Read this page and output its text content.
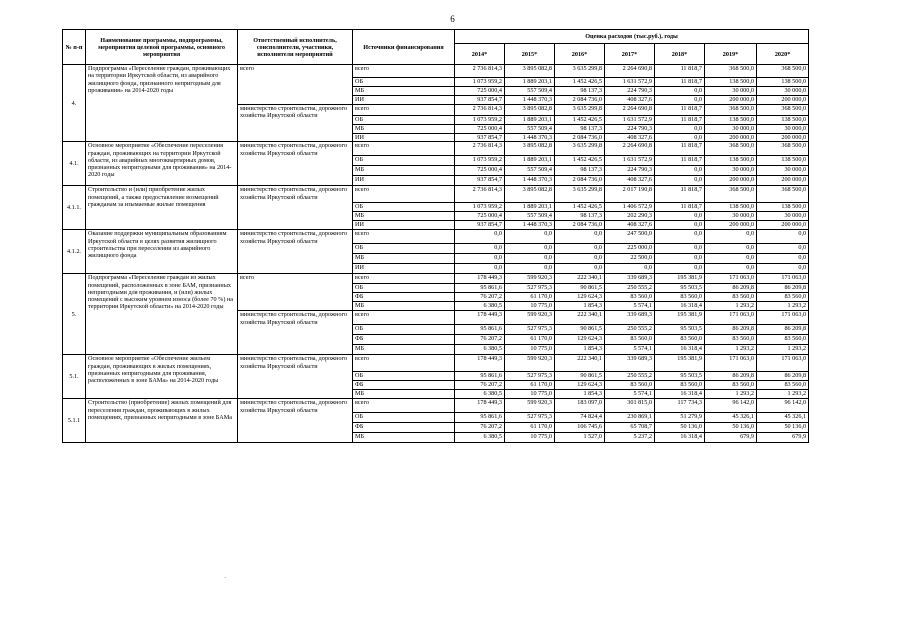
6
№ п-п	Наименование программы, подпрограммы, мероприятия целевой программы, основного мероприятия	Ответственный исполнитель, соисполнители, участники, исполнители мероприятий	Источники финансирования	Оценка расходов (тыс.руб.), годы						
				2014*	2015*	2016*	2017*	2018*	2019*	2020*
4.	Подпрограмма «Переселение граждан, проживающих на территории Иркутской области, из аварийного жилищного фонда, признанного непригодным для проживания» на 2014-2020 годы	всего	всего	2 736 814,3	3 895 082,8	3 635 299,8	2 264 690,8	11 818,7	368 500,0	368 500,0
			ОБ	1 073 959,2	1 889 203,1	1 452 426,5	1 631 572,9	11 818,7	138 500,0	138 500,0
			МБ	725 000,4	557 509,4	98 137,3	224 790,3	0,0	30 000,0	30 000,0
			ИИ	937 854,7	1 448 370,3	2 084 736,0	408 327,6	0,0	200 000,0	200 000,0
		министерство строительства, дорожного хозяйства Иркутской области	всего	2 736 814,3	3 895 082,8	3 635 299,8	2 264 690,8	11 818,7	368 500,0	368 500,0
			ОБ	1 073 959,2	1 889 203,1	1 452 426,5	1 631 572,9	11 818,7	138 500,0	138 500,0
			МБ	725 000,4	557 509,4	98 137,3	224 790,3	0,0	30 000,0	30 000,0
			ИИ	937 854,7	1 448 370,3	2 084 736,0	408 327,6	0,0	200 000,0	200 000,0
4.1.	Основное мероприятие «Обеспечение переселения граждан, проживающих на территории Иркутской области, из аварийных многоквартирных домов, признанных непригодными для проживания» на 2014-2020 годы	министерство строительства, дорожного хозяйства Иркутской области	всего	2 736 814,3	3 895 082,8	3 635 299,8	2 264 690,8	11 818,7	368 500,0	368 500,0
			ОБ	1 073 959,2	1 889 203,1	1 452 426,5	1 631 572,9	11 818,7	138 500,0	138 500,0
			МБ	725 000,4	557 509,4	98 137,3	224 790,3	0,0	30 000,0	30 000,0
			ИИ	937 854,7	1 448 370,3	2 084 736,0	408 327,6	0,0	200 000,0	200 000,0
4.1.1.	Строительство и (или) приобретение жилых помещений, а также предоставление возмещений гражданам за изымаемые жилые помещения	министерство строительства, дорожного хозяйства Иркутской области	всего	2 736 814,3	3 895 082,8	3 635 299,8	2 017 190,8	11 818,7	368 500,0	368 500,0
			ОБ	1 073 959,2	1 889 203,1	1 452 426,5	1 406 572,9	11 818,7	138 500,0	138 500,0
			МБ	725 000,4	557 509,4	98 137,3	202 290,3	0,0	30 000,0	30 000,0
			ИИ	937 854,7	1 448 370,3	2 084 736,0	408 327,6	0,0	200 000,0	200 000,0
4.1.2.	Оказание поддержки муниципальным образованиям Иркутской области в целях развития жилищного строительства при переселении из аварийного жилищного фонда	министерство строительства, дорожного хозяйства Иркутской области	всего	0,0	0,0	0,0	247 500,0	0,0	0,0	0,0
			ОБ	0,0	0,0	0,0	225 000,0	0,0	0,0	0,0
			МБ	0,0	0,0	0,0	22 500,0	0,0	0,0	0,0
			ИИ	0,0	0,0	0,0	0,0	0,0	0,0	0,0
5.	Подпрограмма «Переселение граждан из жилых помещений, расположенных в зоне БАМ, признанных непригодными для проживания, и (или) жилых помещений с высоким уровнем износа (более 70 %) на территории Иркутской области» на 2014-2020 годы	всего	всего	178 449,3	599 920,3	222 340,1	339 689,3	195 381,9	171 063,0	171 063,0
			ОБ	95 861,6	527 975,3	90 861,5	250 555,2	95 503,5	86 209,8	86 209,8
			ФБ	76 207,2	61 170,0	129 624,3	83 560,0	83 560,0	83 560,0	83 560,0
			МБ	6 380,5	10 775,0	1 854,3	5 574,1	16 318,4	1 293,2	1 293,2
		министерство строительства, дорожного хозяйства Иркутской области	всего	178 449,3	599 920,3	222 340,1	339 689,3	195 381,9	171 063,0	171 063,0
			ОБ	95 861,6	527 975,3	90 861,5	250 555,2	95 503,5	86 209,8	86 209,8
			ФБ	76 207,2	61 170,0	129 624,3	83 560,0	83 560,0	83 560,0	83 560,0
			МБ	6 380,5	10 775,0	1 854,3	5 574,1	16 318,4	1 293,2	1 293,2
5.1.	Основное мероприятие «Обеспечение жильем граждан, проживающих в жилых помещениях, признанных непригодными для проживания, расположенных в зоне БАМа» на 2014-2020 годы	министерство строительства, дорожного хозяйства Иркутской области	всего	178 449,3	599 920,3	222 340,1	339 689,3	195 381,9	171 063,0	171 063,0
			ОБ	95 861,6	527 975,3	90 861,5	250 555,2	95 503,5	86 209,8	86 209,8
			ФБ	76 207,2	61 170,0	129 624,3	83 560,0	83 560,0	83 560,0	83 560,0
			МБ	6 380,5	10 775,0	1 854,3	5 574,1	16 318,4	1 293,2	1 293,2
5.1.1	Строительство (приобретение) жилых помещений для переселения граждан, проживающих в жилых помещениях, признанных непригодными в зоне БАМа	министерство строительства, дорожного хозяйства Иркутской области	всего	178 449,3	599 920,3	183 097,0	301 815,0	117 734,3	96 142,0	96 142,0
			ОБ	95 861,6	527 975,3	74 824,4	230 869,1	51 279,9	45 326,1	45 326,1
			ФБ	76 207,2	61 170,0	106 745,6	65 708,7	50 136,0	50 136,0	50 136,0
			МБ	6 380,5	10 775,0	1 527,0	5 237,2	16 318,4	679,9	679,9
·
